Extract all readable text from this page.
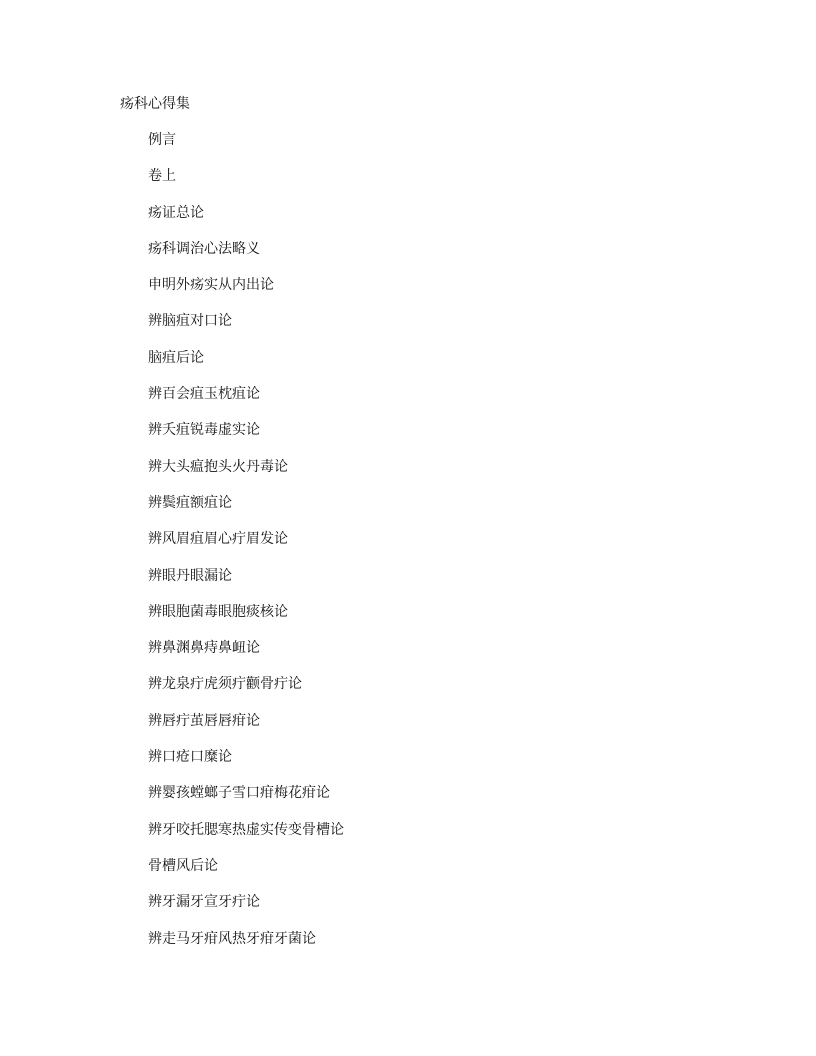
疡科心得集
例言
卷上
疡证总论
疡科调治心法略义
申明外疡实从内出论
辨脑疽对口论
脑疽后论
辨百会疽玉枕疽论
辨夭疽锐毒虚实论
辨大头瘟抱头火丹毒论
辨鬓疽额疽论
辨风眉疽眉心疔眉发论
辨眼丹眼漏论
辨眼胞菌毒眼胞痰核论
辨鼻渊鼻痔鼻衄论
辨龙泉疔虎须疔颧骨疔论
辨唇疔茧唇唇疳论
辨口疮口糜论
辨婴孩螳螂子雪口疳梅花疳论
辨牙咬托腮寒热虚实传变骨槽论
骨槽风后论
辨牙漏牙宣牙疔论
辨走马牙疳风热牙疳牙菌论
